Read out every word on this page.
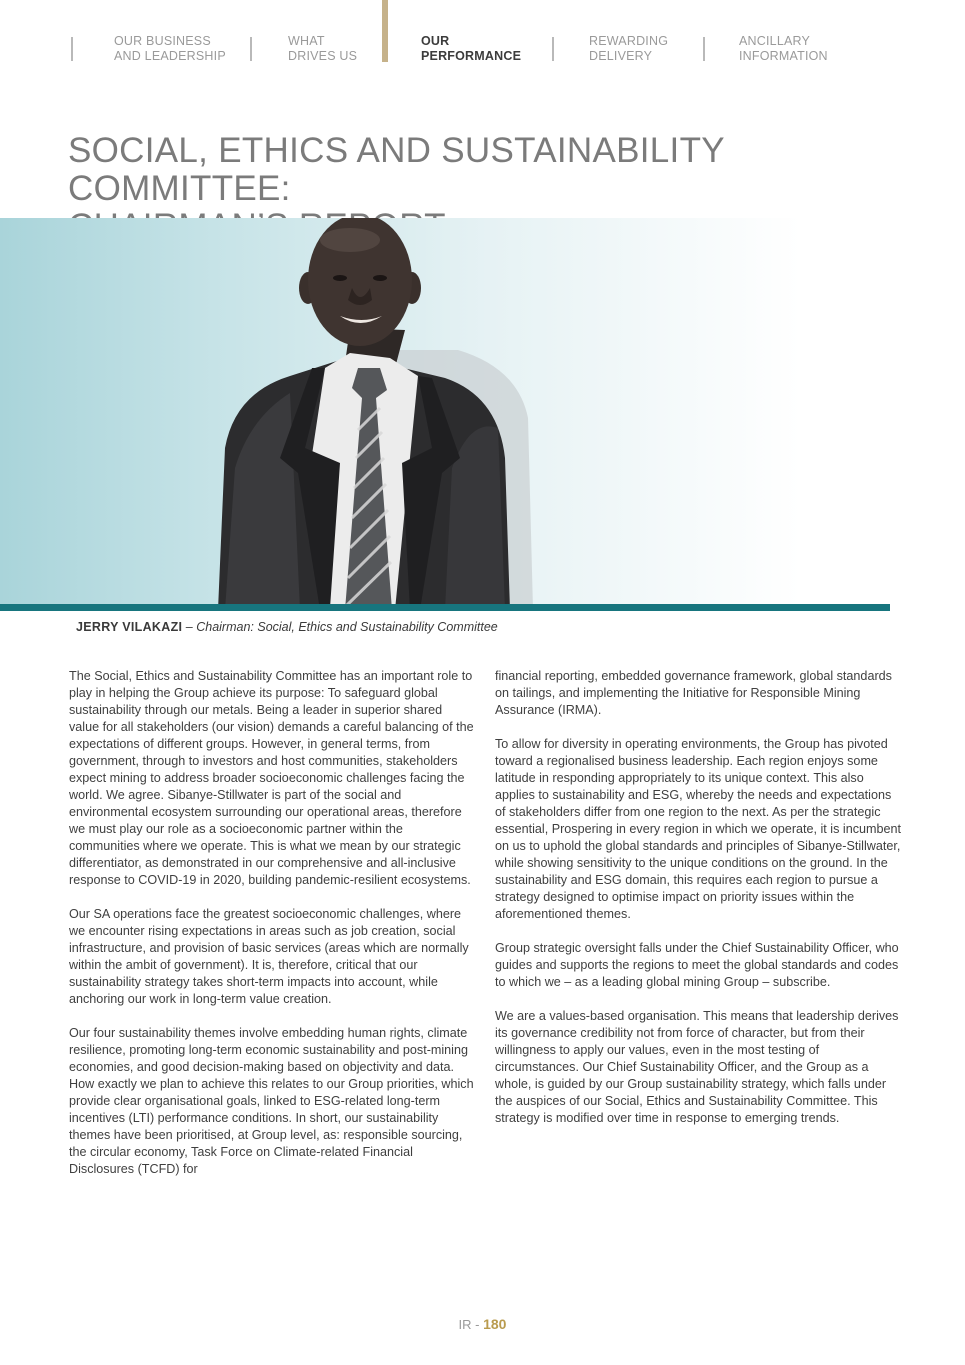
OUR BUSINESS
AND LEADERSHIP
WHAT
DRIVES US
OUR
PERFORMANCE
REWARDING
DELIVERY
ANCILLARY
INFORMATION
SOCIAL, ETHICS AND SUSTAINABILITY COMMITTEE:
JERRY VILAKAZI – Chairman: Social, Ethics and Sustainability Committee

The Social, Ethics and Sustainability Committee has an important role to play in helping the Group achieve its purpose: To safeguard global sustainability through our metals. Being a leader in superior shared value for all stakeholders (our vision) demands a careful balancing of the expectations of different groups. However, in general terms, from government, through to investors and host communities, stakeholders expect mining to address broader socioeconomic challenges facing the world. We agree. Sibanye-Stillwater is part of the social and environmental ecosystem surrounding our operational areas, therefore we must play our role as a socioeconomic partner within the communities where we operate. This is what we mean by our strategic differentiator, as demonstrated in our comprehensive and all-inclusive response to COVID-19 in 2020, building pandemic-resilient ecosystems.

Our SA operations face the greatest socioeconomic challenges, where we encounter rising expectations in areas such as job creation, social infrastructure, and provision of basic services (areas which are normally within the ambit of government). It is, therefore, critical that our sustainability strategy takes short-term impacts into account, while anchoring our work in long-term value creation.

Our four sustainability themes involve embedding human rights, climate resilience, promoting long-term economic sustainability and post-mining economies, and good decision-making based on objectivity and data. How exactly we plan to achieve this relates to our Group priorities, which provide clear organisational goals, linked to ESG-related long-term incentives (LTI) performance conditions. In short, our sustainability themes have been prioritised, at Group level, as: responsible sourcing, the circular economy, Task Force on Climate-related Financial Disclosures (TCFD) for

financial reporting, embedded governance framework, global standards on tailings, and implementing the Initiative for Responsible Mining Assurance (IRMA).

To allow for diversity in operating environments, the Group has pivoted toward a regionalised business leadership. Each region enjoys some latitude in responding appropriately to its unique context. This also applies to sustainability and ESG, whereby the needs and expectations of stakeholders differ from one region to the next. As per the strategic essential, Prospering in every region in which we operate, it is incumbent on us to uphold the global standards and principles of Sibanye-Stillwater, while showing sensitivity to the unique conditions on the ground. In the sustainability and ESG domain, this requires each region to pursue a strategy designed to optimise impact on priority issues within the aforementioned themes.

Group strategic oversight falls under the Chief Sustainability Officer, who guides and supports the regions to meet the global standards and codes to which we – as a leading global mining Group – subscribe.

We are a values-based organisation. This means that leadership derives its governance credibility not from force of character, but from their willingness to apply our values, even in the most testing of circumstances. Our Chief Sustainability Officer, and the Group as a whole, is guided by our Group sustainability strategy, which falls under the auspices of our Social, Ethics and Sustainability Committee. This strategy is modified over time in response to emerging trends.

IR - 180
